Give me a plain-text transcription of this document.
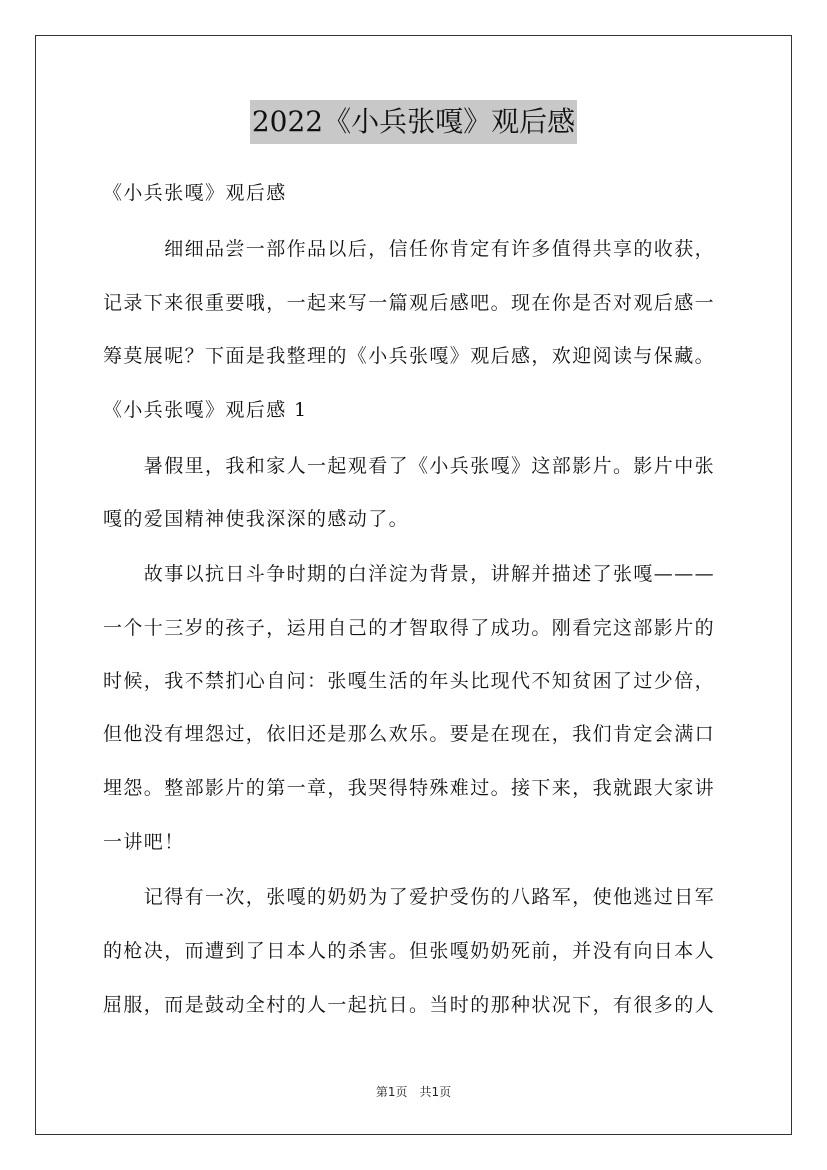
2022《小兵张嘎》观后感
《小兵张嘎》观后感
　　　细细品尝一部作品以后，信任你肯定有许多值得共享的收获，
记录下来很重要哦，一起来写一篇观后感吧。现在你是否对观后感一
筹莫展呢？下面是我整理的《小兵张嘎》观后感，欢迎阅读与保藏。
《小兵张嘎》观后感 1
　　暑假里，我和家人一起观看了《小兵张嘎》这部影片。影片中张
嘎的爱国精神使我深深的感动了。
　　故事以抗日斗争时期的白洋淀为背景，讲解并描述了张嘎———
一个十三岁的孩子，运用自己的才智取得了成功。刚看完这部影片的
时候，我不禁扪心自问：张嘎生活的年头比现代不知贫困了过少倍，
但他没有埋怨过，依旧还是那么欢乐。要是在现在，我们肯定会满口
埋怨。整部影片的第一章，我哭得特殊难过。接下来，我就跟大家讲
一讲吧！
　　记得有一次，张嘎的奶奶为了爱护受伤的八路军，使他逃过日军
的枪决，而遭到了日本人的杀害。但张嘎奶奶死前，并没有向日本人
屈服，而是鼓动全村的人一起抗日。当时的那种状况下，有很多的人
第1页　共1页
